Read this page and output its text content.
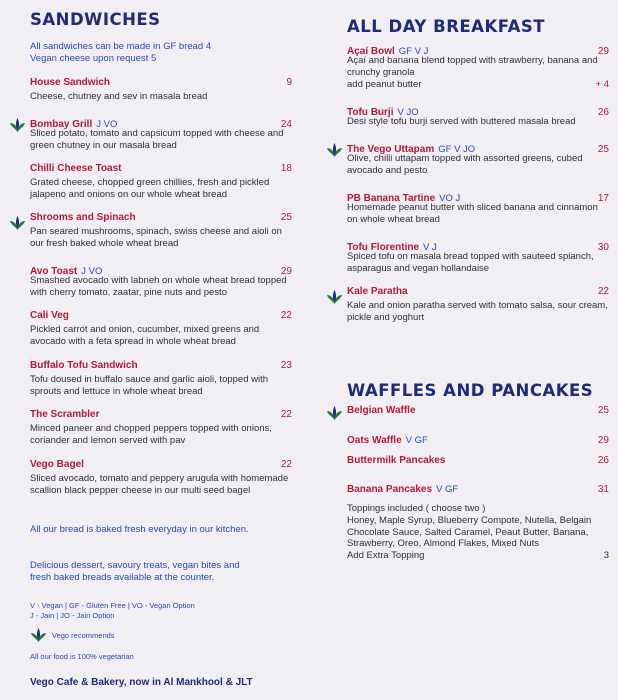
SANDWICHES
All sandwiches can be made in GF bread 4
Vegan cheese upon request 5
House Sandwich	9
Cheese, chutney and sev in masala bread
Bombay Grill J VO	24
Sliced potato, tomato and capsicum topped with cheese and green chutney in our masala bread
Chilli Cheese Toast	18
Grated cheese, chopped green chillies, fresh and pickled jalapeno and onions on our whole wheat bread
Shrooms and Spinach	25
Pan seared mushrooms, spinach, swiss cheese and aioli on our fresh baked whole wheat bread
Avo Toast J VO	29
Smashed avocado with labneh on whole wheat bread topped with cherry tomato, zaatar, pine nuts and pesto
Cali Veg	22
Pickled carrot and onion, cucumber, mixed greens and avocado with a feta spread in whole wheat bread
Buffalo Tofu Sandwich	23
Tofu doused in buffalo sauce and garlic aioli, topped with sprouts and lettuce in whole wheat bread
The Scrambler	22
Minced paneer and chopped peppers topped with onions, coriander and lemon served with pav
Vego Bagel	22
Sliced avocado, tomato and peppery arugula with homemade scallion black pepper cheese in our multi seed bagel
All our bread is baked fresh everyday in our kitchen.
Delicious dessert, savoury treats, vegan bites and fresh baked breads available at the counter.
V - Vegan | GF - Gluten Free | VO - Vegan Option
J - Jain | JO - Jain Option
Vego recommends
All our food is 100% vegetarian
ALL DAY BREAKFAST
Açaí Bowl GF V J	29
Açaí and banana blend topped with strawberry, banana and crunchy granola
add peanut butter	+ 4
Tofu Burji V JO	26
Desi style tofu burji served with buttered masala bread
The Vego Uttapam GF V JO	25
Olive, chilli uttapam topped with assorted greens, cubed avocado and pesto
PB Banana Tartine VO J	17
Homemade peanut butter with sliced banana and cinnamon on whole wheat bread
Tofu Florentine V J	30
Spiced tofu on masala bread topped with sauteed spianch, asparagus and vegan hollandaise
Kale Paratha	22
Kale and onion paratha served with tomato salsa, sour cream, pickle and yoghurt
WAFFLES AND PANCAKES
Belgian Waffle	25
Oats Waffle V GF	29
Buttermilk Pancakes	26
Banana Pancakes V GF	31
Toppings included ( choose two )
Honey, Maple Syrup, Blueberry Compote, Nutella, Belgain Chocolate Sauce, Salted Caramel, Peaut Butter, Banana, Strawberry, Oreo, Almond Flakes, Mixed Nuts
Add Extra Topping	3
Vego Cafe & Bakery, now in Al Mankhool & JLT
